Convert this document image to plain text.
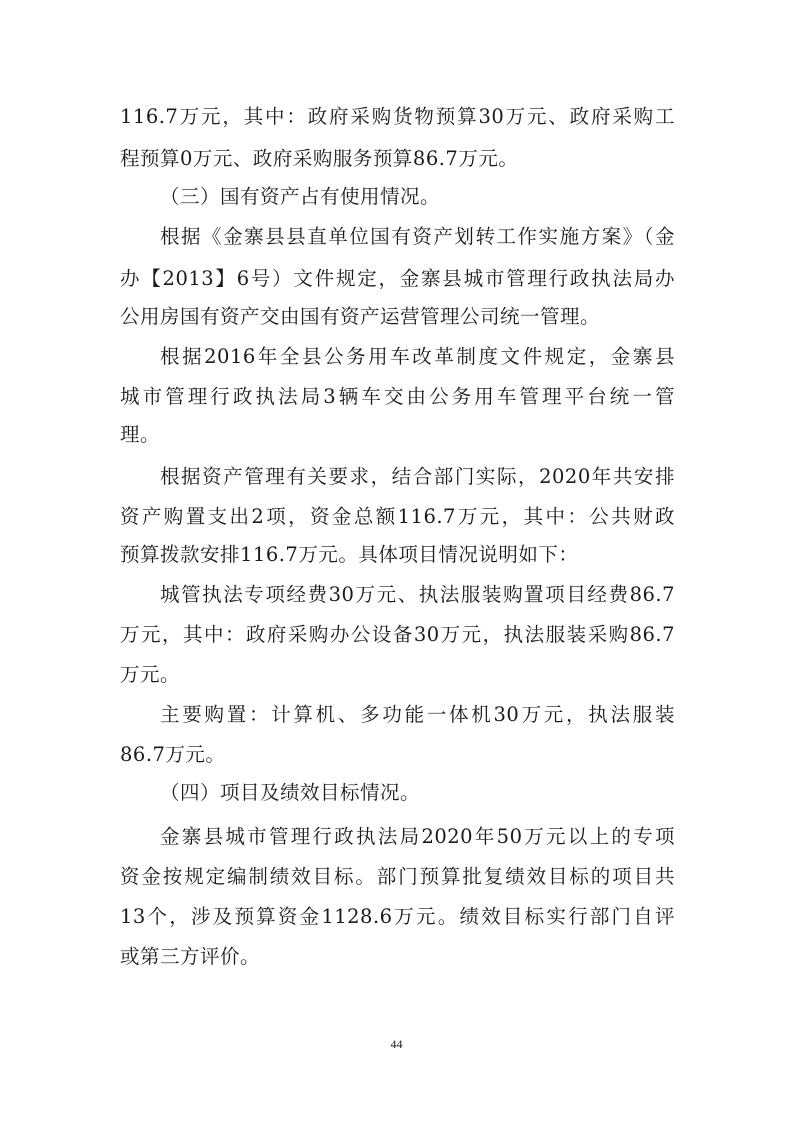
116.7万元，其中：政府采购货物预算30万元、政府采购工
程预算0万元、政府采购服务预算86.7万元。
（三）国有资产占有使用情况。
根据《金寨县县直单位国有资产划转工作实施方案》（金
办【2013】6号）文件规定，金寨县城市管理行政执法局办
公用房国有资产交由国有资产运营管理公司统一管理。
根据2016年全县公务用车改革制度文件规定，金寨县
城市管理行政执法局3辆车交由公务用车管理平台统一管
理。
根据资产管理有关要求，结合部门实际，2020年共安排
资产购置支出2项，资金总额116.7万元，其中：公共财政
预算拨款安排116.7万元。具体项目情况说明如下：
城管执法专项经费30万元、执法服装购置项目经费86.7
万元，其中：政府采购办公设备30万元，执法服装采购86.7
万元。
主要购置：计算机、多功能一体机30万元，执法服装
86.7万元。
（四）项目及绩效目标情况。
金寨县城市管理行政执法局2020年50万元以上的专项
资金按规定编制绩效目标。部门预算批复绩效目标的项目共
13个，涉及预算资金1128.6万元。绩效目标实行部门自评
或第三方评价。
44
